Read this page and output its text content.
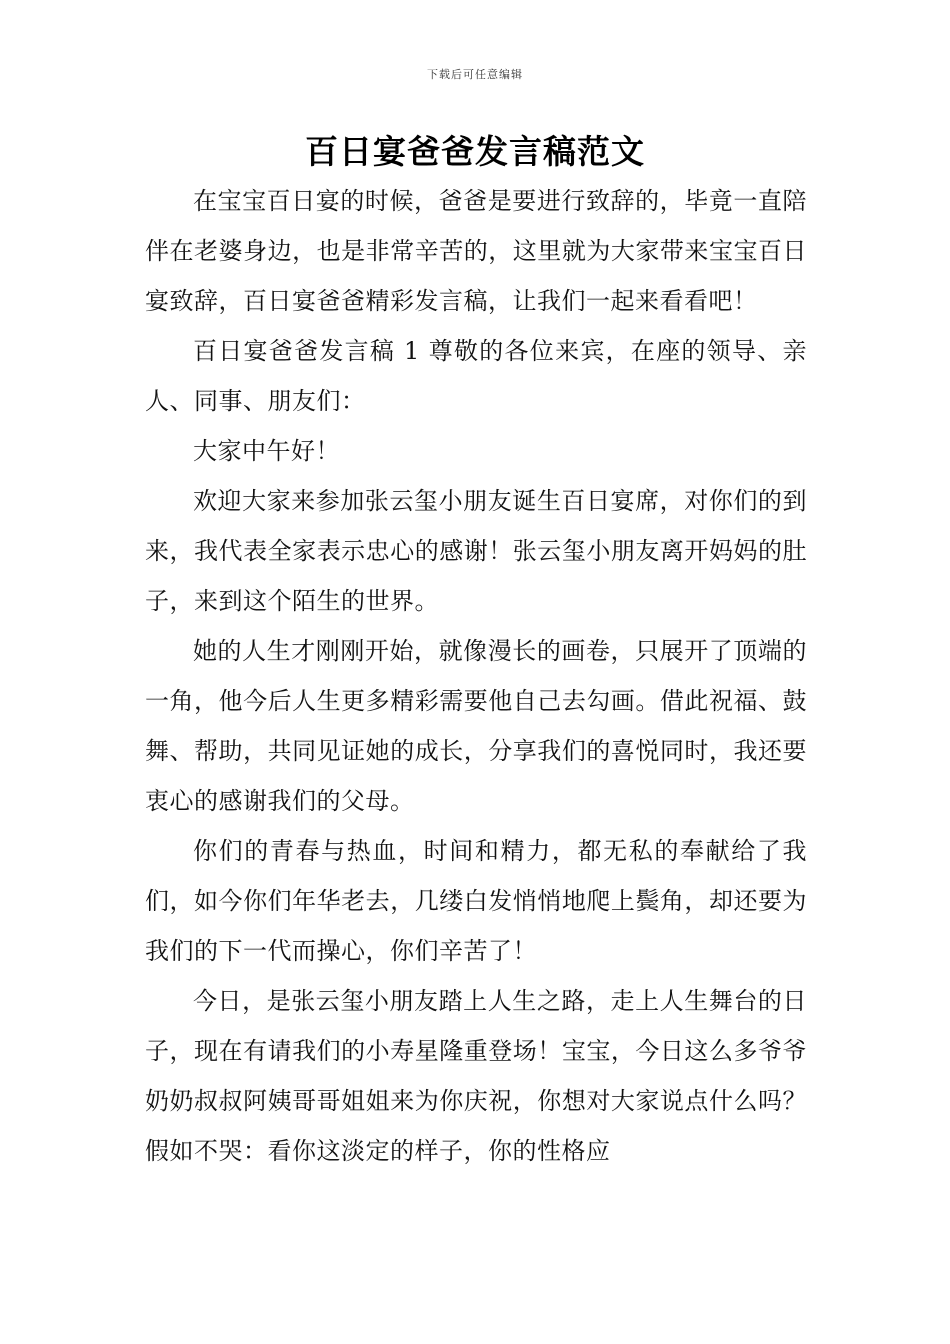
下载后可任意编辑
百日宴爸爸发言稿范文

在宝宝百日宴的时候，爸爸是要进行致辞的，毕竟一直陪伴在老婆身边，也是非常辛苦的，这里就为大家带来宝宝百日宴致辞，百日宴爸爸精彩发言稿，让我们一起来看看吧！

百日宴爸爸发言稿 1 尊敬的各位来宾，在座的领导、亲人、同事、朋友们：

大家中午好！

欢迎大家来参加张云玺小朋友诞生百日宴席，对你们的到来，我代表全家表示忠心的感谢！张云玺小朋友离开妈妈的肚子，来到这个陌生的世界。

她的人生才刚刚开始，就像漫长的画卷，只展开了顶端的一角，他今后人生更多精彩需要他自己去勾画。借此祝福、鼓舞、帮助，共同见证她的成长，分享我们的喜悦同时，我还要衷心的感谢我们的父母。

你们的青春与热血，时间和精力，都无私的奉献给了我们，如今你们年华老去，几缕白发悄悄地爬上鬓角，却还要为我们的下一代而操心，你们辛苦了！

今日，是张云玺小朋友踏上人生之路，走上人生舞台的日子，现在有请我们的小寿星隆重登场！宝宝，今日这么多爷爷奶奶叔叔阿姨哥哥姐姐来为你庆祝，你想对大家说点什么吗？假如不哭：看你这淡定的样子，你的性格应
